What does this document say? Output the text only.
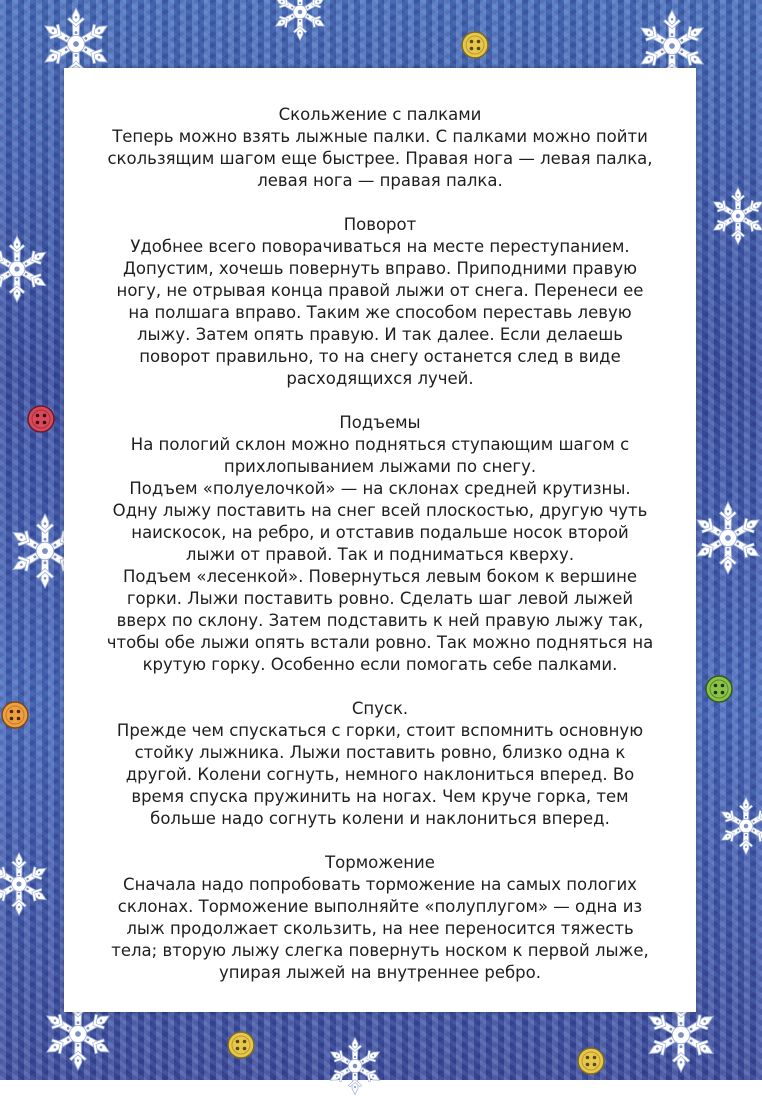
Скольжение с палками
Теперь можно взять лыжные палки. С палками можно пойти
скользящим шагом еще быстрее. Правая нога — левая палка,
левая нога — правая палка.
Поворот
Удобнее всего поворачиваться на месте переступанием.
Допустим, хочешь повернуть вправо. Приподними правую
ногу, не отрывая конца правой лыжи от снега. Перенеси ее
на полшага вправо. Таким же способом переставь левую
лыжу. Затем опять правую. И так далее. Если делаешь
поворот правильно, то на снегу останется след в виде
расходящихся лучей.
Подъемы
На пологий склон можно подняться ступающим шагом с
прихлопыванием лыжами по снегу.
Подъем «полуелочкой» — на склонах средней крутизны.
Одну лыжу поставить на снег всей плоскостью, другую чуть
наискосок, на ребро, и отставив подальше носок второй
лыжи от правой. Так и подниматься кверху.
Подъем «лесенкой». Повернуться левым боком к вершине
горки. Лыжи поставить ровно. Сделать шаг левой лыжей
вверх по склону. Затем подставить к ней правую лыжу так,
чтобы обе лыжи опять встали ровно. Так можно подняться на
крутую горку. Особенно если помогать себе палками.
Спуск.
Прежде чем спускаться с горки, стоит вспомнить основную
стойку лыжника. Лыжи поставить ровно, близко одна к
другой. Колени согнуть, немного наклониться вперед. Во
время спуска пружинить на ногах. Чем круче горка, тем
больше надо согнуть колени и наклониться вперед.
Торможение
Сначала надо попробовать торможение на самых пологих
склонах. Торможение выполняйте «полуплугом» — одна из
лыж продолжает скользить, на нее переносится тяжесть
тела; вторую лыжу слегка повернуть носком к первой лыже,
упирая лыжей на внутреннее ребро.
